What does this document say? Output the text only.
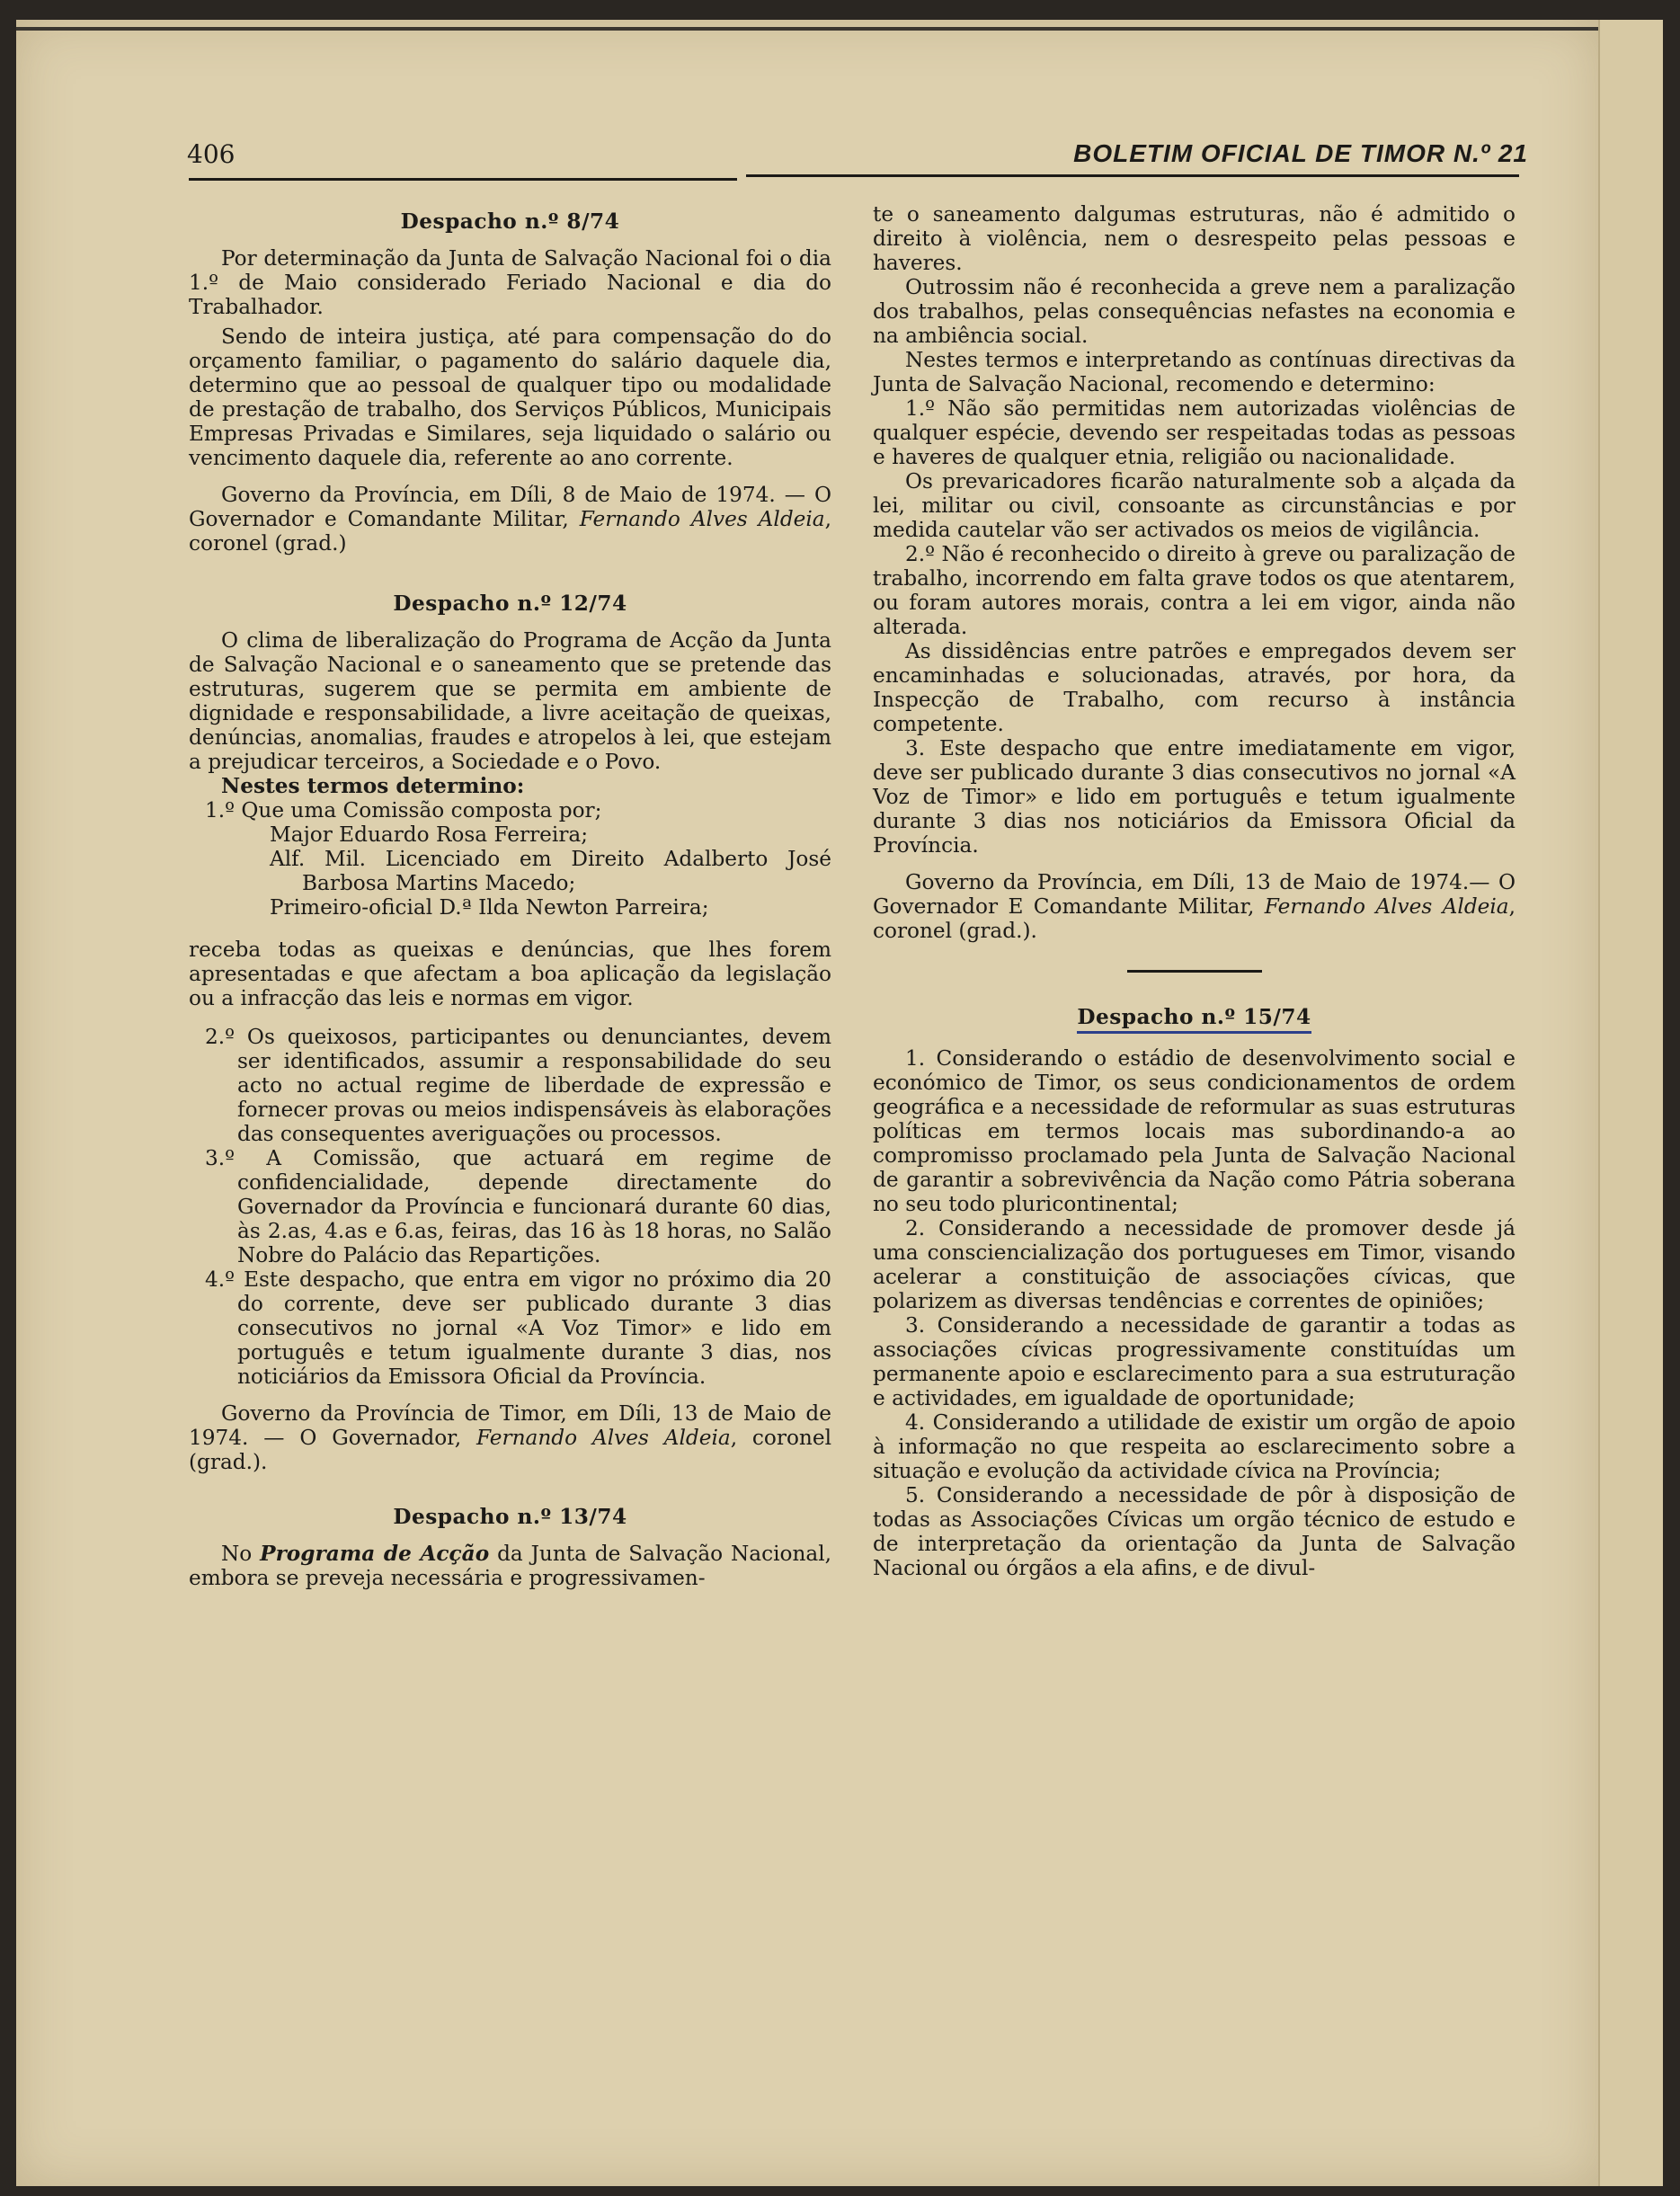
406	BOLETIM OFICIAL DE TIMOR N.º 21
Despacho n.º 8/74

Por determinação da Junta de Salvação Nacional foi o dia 1.º de Maio considerado Feriado Nacional e dia do Trabalhador.

Sendo de inteira justiça, até para compensação do do orçamento familiar, o pagamento do salário daquele dia, determino que ao pessoal de qualquer tipo ou modalidade de prestação de trabalho, dos Serviços Públicos, Municipais Empresas Privadas e Similares, seja liquidado o salário ou vencimento daquele dia, referente ao ano corrente.

Governo da Província, em Díli, 8 de Maio de 1974. — O Governador e Comandante Militar, Fernando Alves Aldeia, coronel (grad.)

Despacho n.º 12/74

O clima de liberalização do Programa de Acção da Junta de Salvação Nacional e o saneamento que se pretende das estruturas, sugerem que se permita em ambiente de dignidade e responsabilidade, a livre aceitação de queixas, denúncias, anomalias, fraudes e atropelos à lei, que estejam a prejudicar terceiros, a Sociedade e o Povo.

Nestes termos determino:

1.º Que uma Comissão composta por;

Major Eduardo Rosa Ferreira;

Alf. Mil. Licenciado em Direito Adalberto José Barbosa Martins Macedo;

Primeiro-oficial D.ª Ilda Newton Parreira;

receba todas as queixas e denúncias, que lhes forem apresentadas e que afectam a boa aplicação da legislação ou a infracção das leis e normas em vigor.

2.º Os queixosos, participantes ou denunciantes, devem ser identificados, assumir a responsabilidade do seu acto no actual regime de liberdade de expressão e fornecer provas ou meios indispensáveis às elaborações das consequentes averiguações ou processos.

3.º A Comissão, que actuará em regime de confidencialidade, depende directamente do Governador da Província e funcionará durante 60 dias, às 2.as, 4.as e 6.as, feiras, das 16 às 18 horas, no Salão Nobre do Palácio das Repartições.

4.º Este despacho, que entra em vigor no próximo dia 20 do corrente, deve ser publicado durante 3 dias consecutivos no jornal «A Voz Timor» e lido em português e tetum igualmente durante 3 dias, nos noticiários da Emissora Oficial da Província.

Governo da Província de Timor, em Díli, 13 de Maio de 1974. — O Governador, Fernando Alves Aldeia, coronel (grad.).

Despacho n.º 13/74

No Programa de Acção da Junta de Salvação Nacional, embora se preveja necessária e progressivamen-

te o saneamento dalgumas estruturas, não é admitido o direito à violência, nem o desrespeito pelas pessoas e haveres.

Outrossim não é reconhecida a greve nem a paralização dos trabalhos, pelas consequências nefastes na economia e na ambiência social.

Nestes termos e interpretando as contínuas directivas da Junta de Salvação Nacional, recomendo e determino:

1.º Não são permitidas nem autorizadas violências de qualquer espécie, devendo ser respeitadas todas as pessoas e haveres de qualquer etnia, religião ou nacionalidade.

Os prevaricadores ficarão naturalmente sob a alçada da lei, militar ou civil, consoante as circunstâncias e por medida cautelar vão ser activados os meios de vigilância.

2.º Não é reconhecido o direito à greve ou paralização de trabalho, incorrendo em falta grave todos os que atentarem, ou foram autores morais, contra a lei em vigor, ainda não alterada.

As dissidências entre patrões e empregados devem ser encaminhadas e solucionadas, através, por hora, da Inspecção de Trabalho, com recurso à instância competente.

3. Este despacho que entre imediatamente em vigor, deve ser publicado durante 3 dias consecutivos no jornal «A Voz de Timor» e lido em português e tetum igualmente durante 3 dias nos noticiários da Emissora Oficial da Província.

Governo da Província, em Díli, 13 de Maio de 1974.— O Governador E Comandante Militar, Fernando Alves Aldeia, coronel (grad.).

Despacho n.º 15/74

1. Considerando o estádio de desenvolvimento social e económico de Timor, os seus condicionamentos de ordem geográfica e a necessidade de reformular as suas estruturas políticas em termos locais mas subordinando-a ao compromisso proclamado pela Junta de Salvação Nacional de garantir a sobrevivência da Nação como Pátria soberana no seu todo pluricontinental;

2. Considerando a necessidade de promover desde já uma consciencialização dos portugueses em Timor, visando acelerar a constituição de associações cívicas, que polarizem as diversas tendências e correntes de opiniões;

3. Considerando a necessidade de garantir a todas as associações cívicas progressivamente constituídas um permanente apoio e esclarecimento para a sua estruturação e actividades, em igualdade de oportunidade;

4. Considerando a utilidade de existir um orgão de apoio à informação no que respeita ao esclarecimento sobre a situação e evolução da actividade cívica na Província;

5. Considerando a necessidade de pôr à disposição de todas as Associações Cívicas um orgão técnico de estudo e de interpretação da orientação da Junta de Salvação Nacional ou órgãos a ela afins, e de divul-
